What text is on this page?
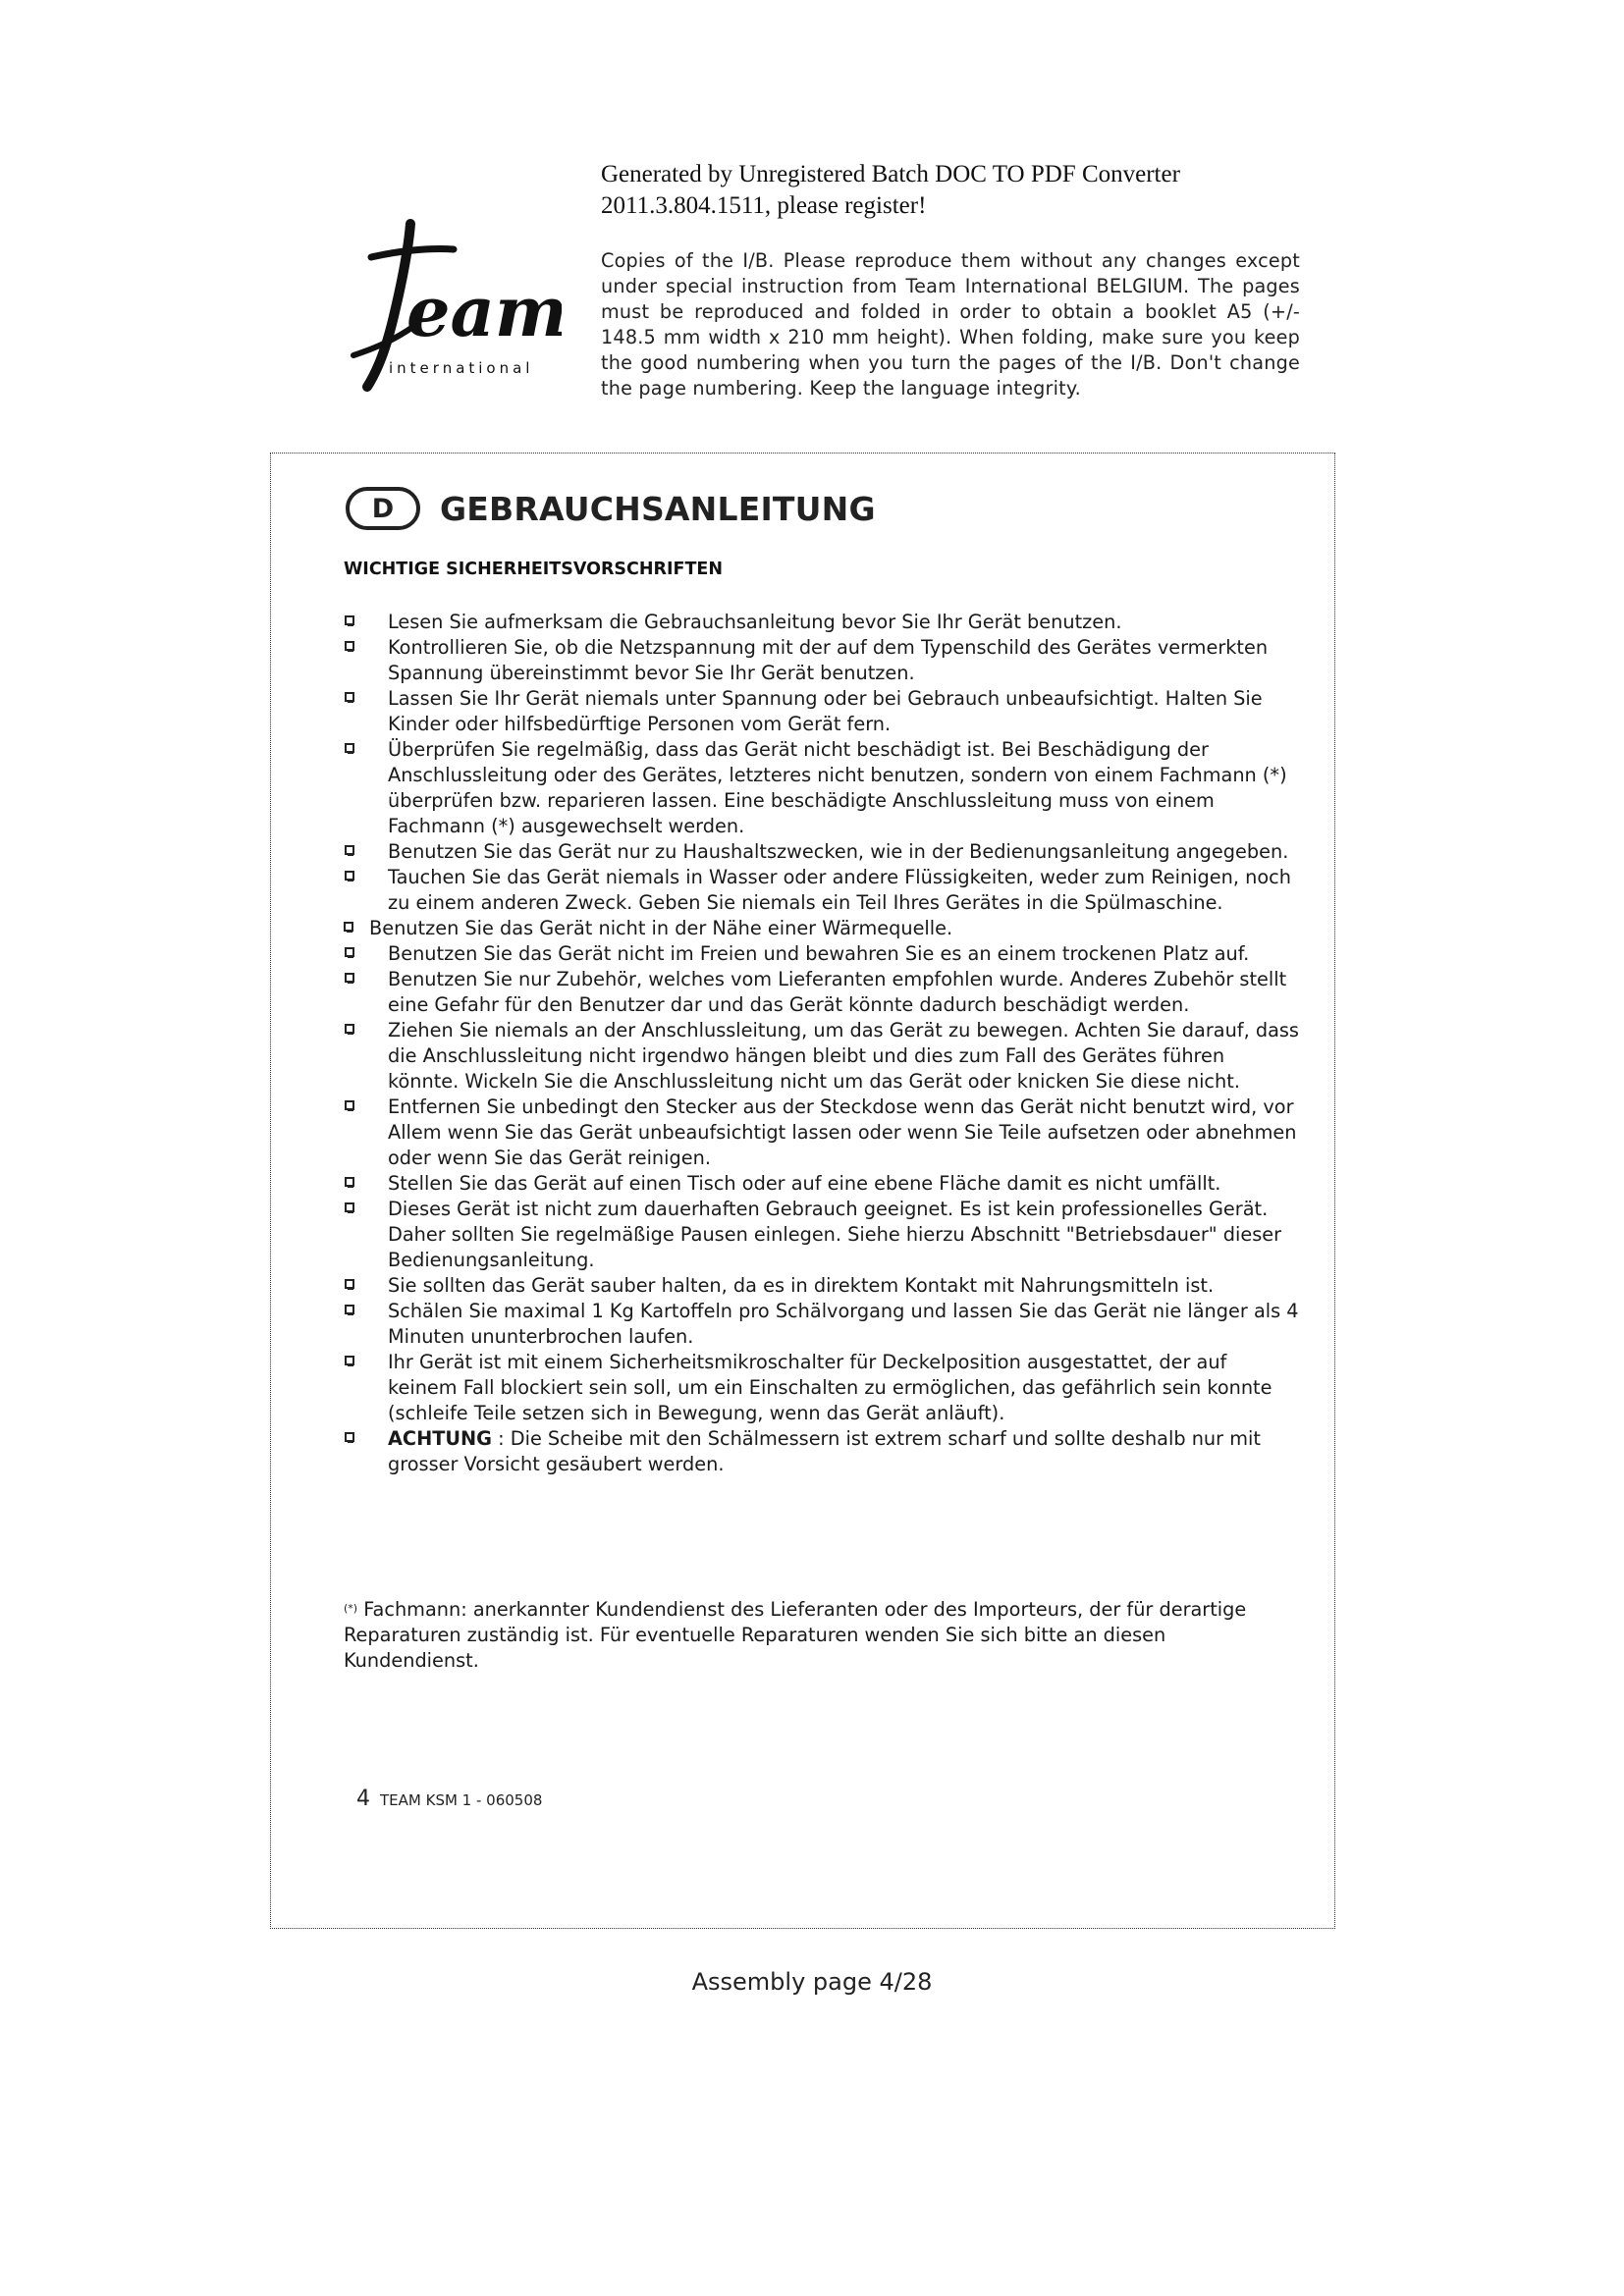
Generated by Unregistered Batch DOC TO PDF Converter
2011.3.804.1511, please register!
eam
international
Copies of the I/B. Please reproduce them without any changes except under special instruction from Team International BELGIUM. The pages must be reproduced and folded in order to obtain a booklet A5 (+/- 148.5 mm width x 210 mm height). When folding, make sure you keep the good numbering when you turn the pages of the I/B. Don't change the page numbering. Keep the language integrity.
D	GEBRAUCHSANLEITUNG
WICHTIGE SICHERHEITSVORSCHRIFTEN
Lesen Sie aufmerksam die Gebrauchsanleitung bevor Sie Ihr Gerät benutzen.
Kontrollieren Sie, ob die Netzspannung mit der auf dem Typenschild des Gerätes vermerkten Spannung übereinstimmt bevor Sie Ihr Gerät benutzen.
Lassen Sie Ihr Gerät niemals unter Spannung oder bei Gebrauch unbeaufsichtigt. Halten Sie Kinder oder hilfsbedürftige Personen vom Gerät fern.
Überprüfen Sie regelmäßig, dass das Gerät nicht beschädigt ist. Bei Beschädigung der Anschlussleitung oder des Gerätes, letzteres nicht benutzen, sondern von einem Fachmann (*) überprüfen bzw. reparieren lassen. Eine beschädigte Anschlussleitung muss von einem Fachmann (*) ausgewechselt werden.
Benutzen Sie das Gerät nur zu Haushaltszwecken, wie in der Bedienungsanleitung angegeben.
Tauchen Sie das Gerät niemals in Wasser oder andere Flüssigkeiten, weder zum Reinigen, noch zu einem anderen Zweck. Geben Sie niemals ein Teil Ihres Gerätes in die Spülmaschine.
Benutzen Sie das Gerät nicht in der Nähe einer Wärmequelle.
Benutzen Sie das Gerät nicht im Freien und bewahren Sie es an einem trockenen Platz auf.
Benutzen Sie nur Zubehör, welches vom Lieferanten empfohlen wurde. Anderes Zubehör stellt eine Gefahr für den Benutzer dar und das Gerät könnte dadurch beschädigt werden.
Ziehen Sie niemals an der Anschlussleitung, um das Gerät zu bewegen. Achten Sie darauf, dass die Anschlussleitung nicht irgendwo hängen bleibt und dies zum Fall des Gerätes führen könnte. Wickeln Sie die Anschlussleitung nicht um das Gerät oder knicken Sie diese nicht.
Entfernen Sie unbedingt den Stecker aus der Steckdose wenn das Gerät nicht benutzt wird, vor Allem wenn Sie das Gerät unbeaufsichtigt lassen oder wenn Sie Teile aufsetzen oder abnehmen oder wenn Sie das Gerät reinigen.
Stellen Sie das Gerät auf einen Tisch oder auf eine ebene Fläche damit es nicht umfällt.
Dieses Gerät ist nicht zum dauerhaften Gebrauch geeignet. Es ist kein professionelles Gerät. Daher sollten Sie regelmäßige Pausen einlegen. Siehe hierzu Abschnitt "Betriebsdauer" dieser Bedienungsanleitung.
Sie sollten das Gerät sauber halten, da es in direktem Kontakt mit Nahrungsmitteln ist.
Schälen Sie maximal 1 Kg Kartoffeln pro Schälvorgang und lassen Sie das Gerät nie länger als 4 Minuten ununterbrochen laufen.
Ihr Gerät ist mit einem Sicherheitsmikroschalter für Deckelposition ausgestattet, der auf keinem Fall blockiert sein soll, um ein Einschalten zu ermöglichen, das gefährlich sein konnte (schleife Teile setzen sich in Bewegung, wenn das Gerät anläuft).
ACHTUNG : Die Scheibe mit den Schälmessern ist extrem scharf und sollte deshalb nur mit grosser Vorsicht gesäubert werden.
(*) Fachmann: anerkannter Kundendienst des Lieferanten oder des Importeurs, der für derartige Reparaturen zuständig ist. Für eventuelle Reparaturen wenden Sie sich bitte an diesen Kundendienst.
4 TEAM KSM 1 - 060508
Assembly page 4/28
